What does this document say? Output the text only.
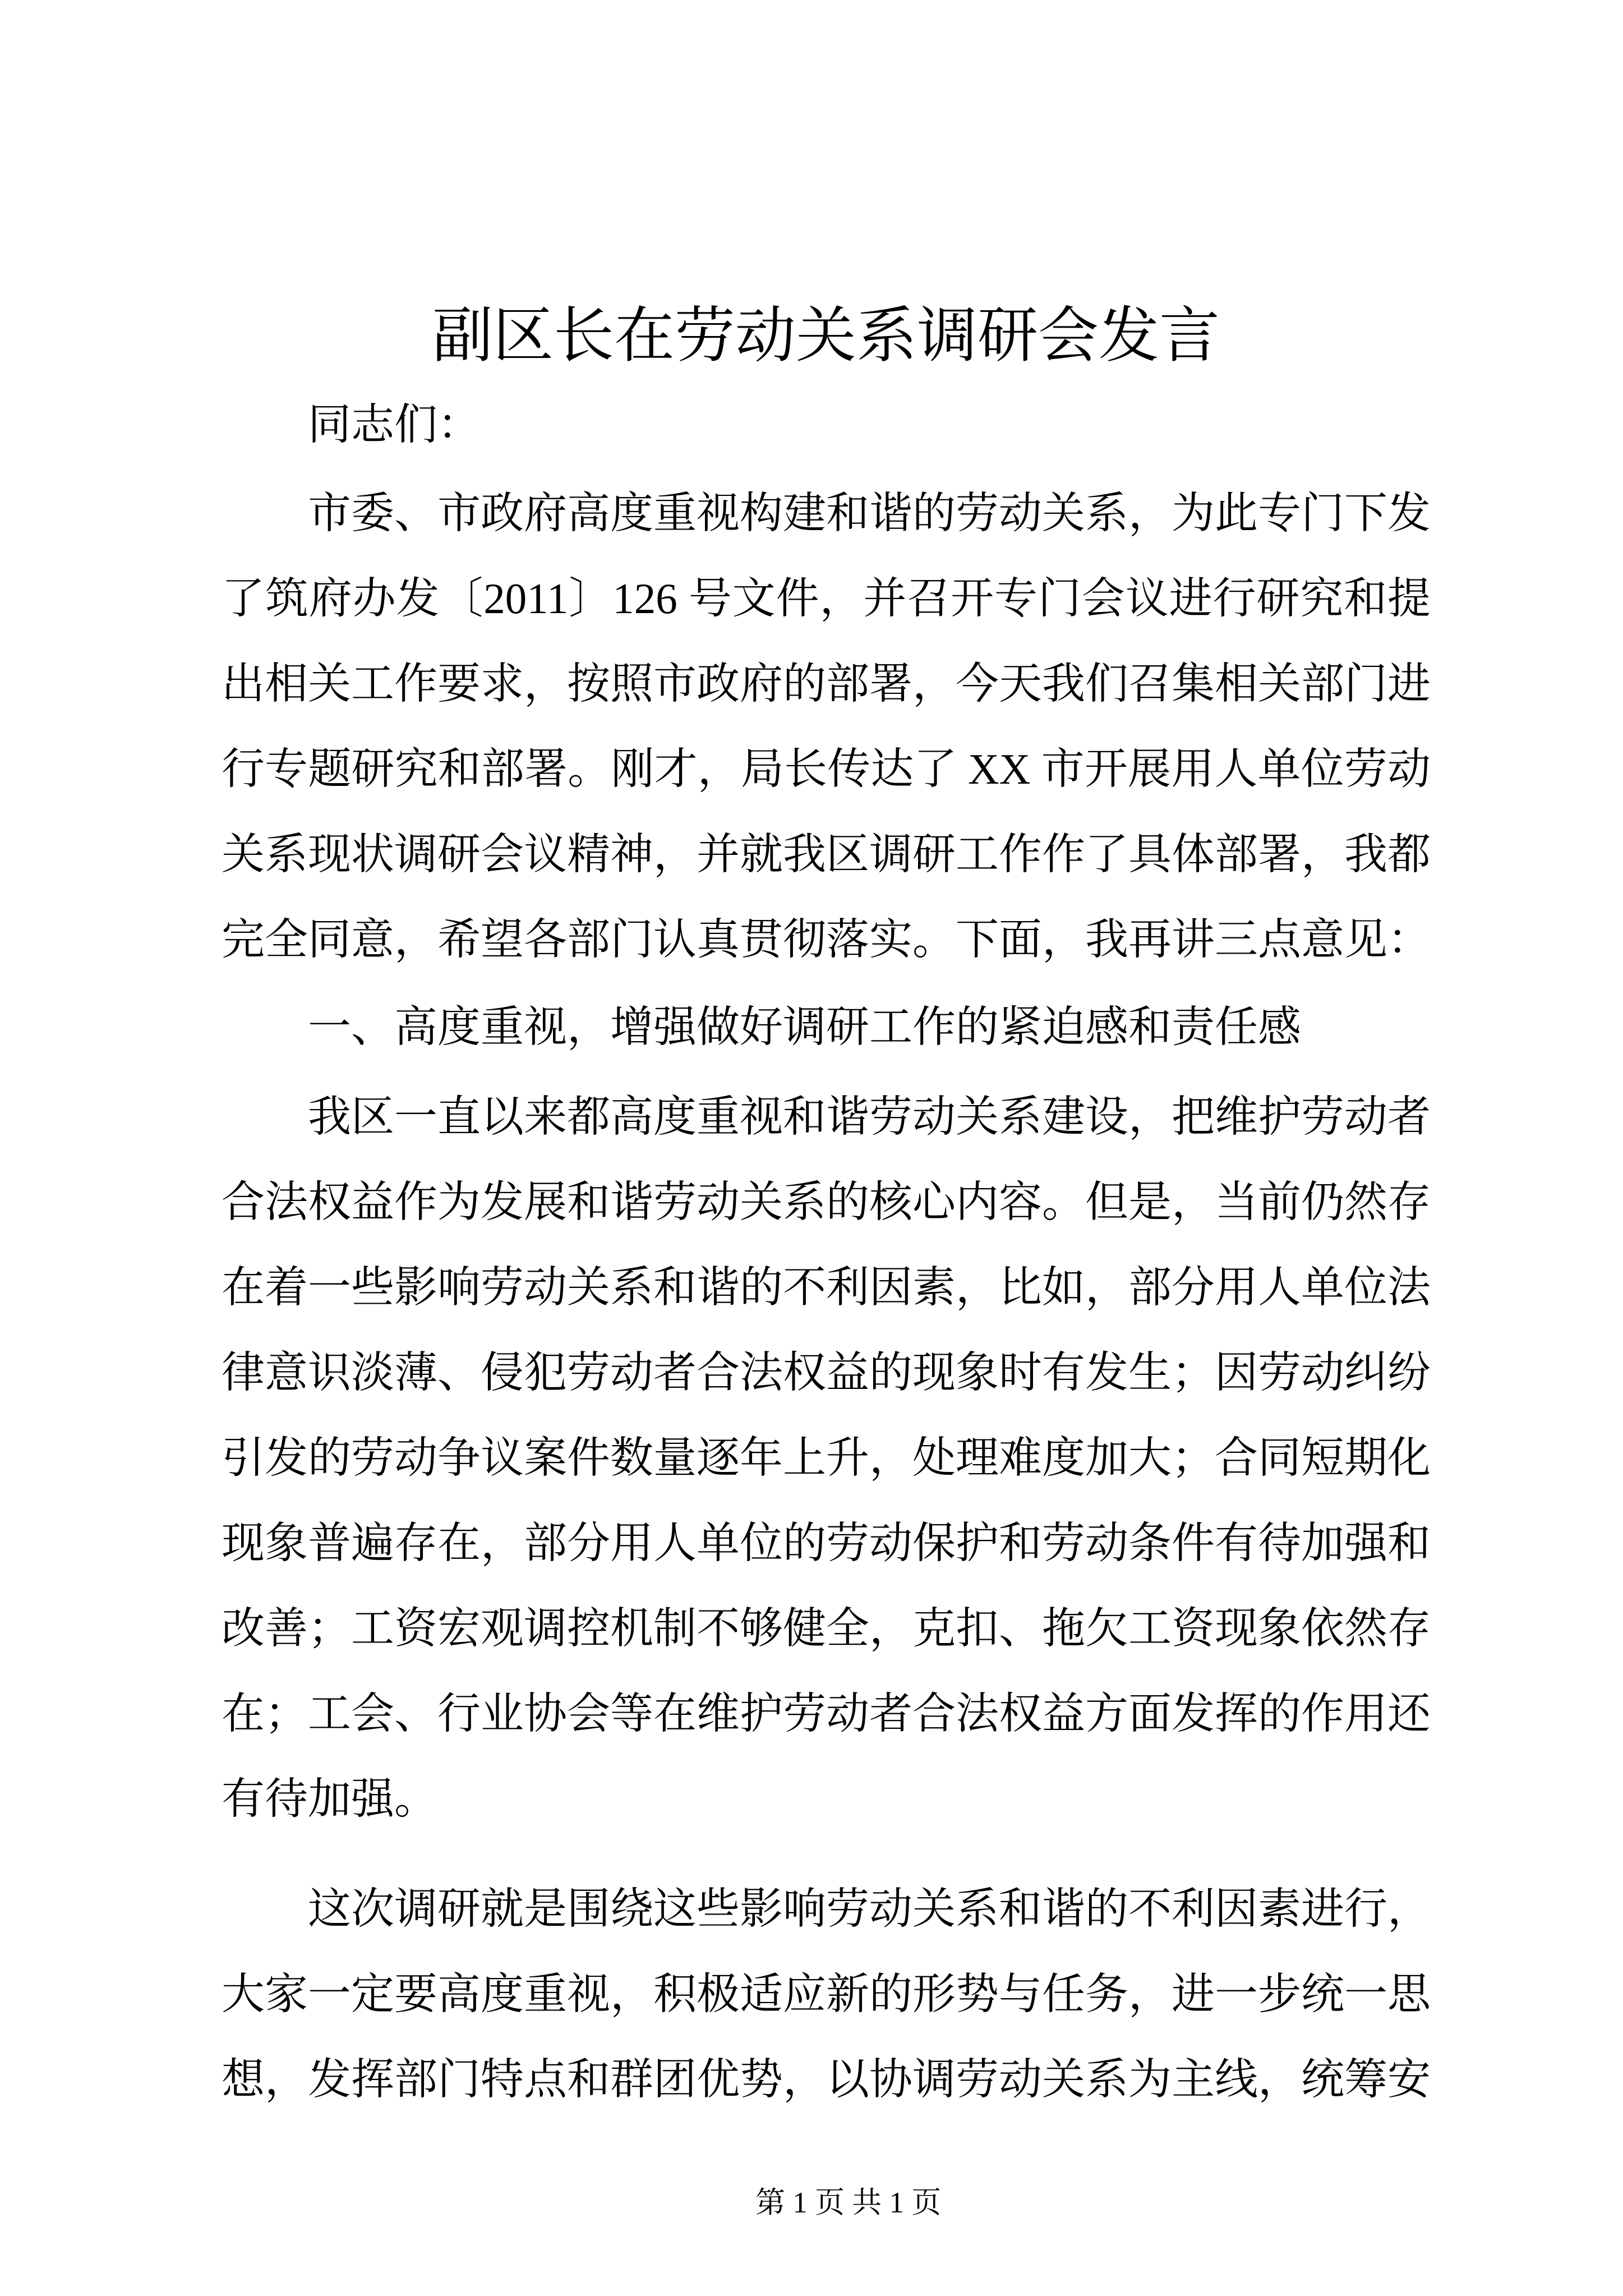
副区长在劳动关系调研会发言
同志们：
市委、市政府高度重视构建和谐的劳动关系，为此专门下发
了筑府办发〔2011〕126 号文件，并召开专门会议进行研究和提
出相关工作要求，按照市政府的部署，今天我们召集相关部门进
行专题研究和部署。刚才，局长传达了 XX 市开展用人单位劳动
关系现状调研会议精神，并就我区调研工作作了具体部署，我都
完全同意，希望各部门认真贯彻落实。下面，我再讲三点意见：
一、高度重视，增强做好调研工作的紧迫感和责任感
我区一直以来都高度重视和谐劳动关系建设，把维护劳动者
合法权益作为发展和谐劳动关系的核心内容。但是，当前仍然存
在着一些影响劳动关系和谐的不利因素，比如，部分用人单位法
律意识淡薄、侵犯劳动者合法权益的现象时有发生；因劳动纠纷
引发的劳动争议案件数量逐年上升，处理难度加大；合同短期化
现象普遍存在，部分用人单位的劳动保护和劳动条件有待加强和
改善；工资宏观调控机制不够健全，克扣、拖欠工资现象依然存
在；工会、行业协会等在维护劳动者合法权益方面发挥的作用还
有待加强。
这次调研就是围绕这些影响劳动关系和谐的不利因素进行，
大家一定要高度重视，积极适应新的形势与任务，进一步统一思
想，发挥部门特点和群团优势，以协调劳动关系为主线，统筹安
第 1 页 共 1 页
